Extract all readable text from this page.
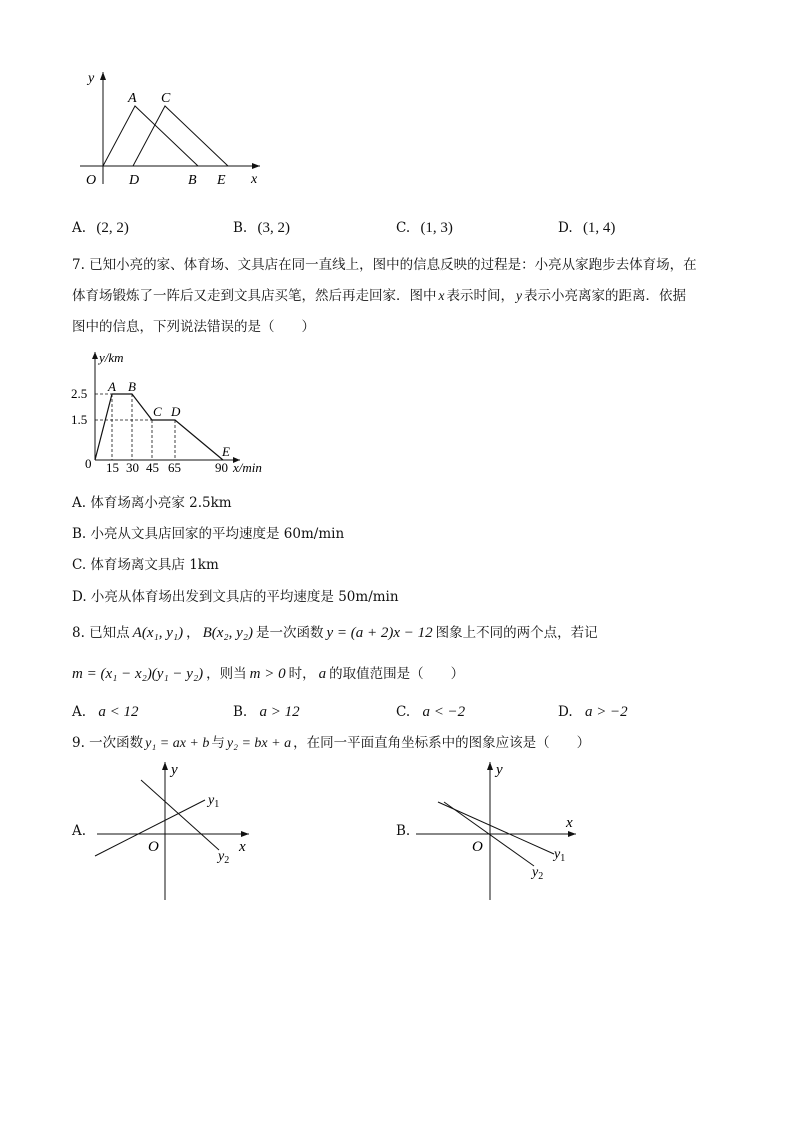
y
A C
O D	B E x
A. (2, 2)	B. (3, 2)	C. (1, 3)	D. (1, 4)
7. 已知小亮的家、体育场、文具店在同一直线上，图中的信息反映的过程是：小亮从家跑步去体育场，在
体育场锻炼了一阵后又走到文具店买笔，然后再走回家．图中 x 表示时间， y 表示小亮离家的距离．依据
图中的信息，下列说法错误的是（　　）
y/km
2.5
1.5
0
A B
C D
E
15 30 45 65	90 x/min
A. 体育场离小亮家 2.5km
B. 小亮从文具店回家的平均速度是 60m/min
C. 体育场离文具店 1km
D. 小亮从体育场出发到文具店的平均速度是 50m/min
8. 已知点 A(x₁, y₁) ， B(x₂, y₂) 是一次函数 y = (a + 2)x − 12 图象上不同的两个点，若记
m = (x₁ − x₂)(y₁ − y₂) ，则当 m > 0 时， a 的取值范围是（　　）
A. a < 12	B. a > 12	C. a < −2	D. a > −2
9. 一次函数 y₁ = ax + b 与 y₂ = bx + a ，在同一平面直角坐标系中的图象应该是（　　）
A.
y
x
O
$y_1$
$y_2$
B.
y
x
O	$y_1$
$y_2$
